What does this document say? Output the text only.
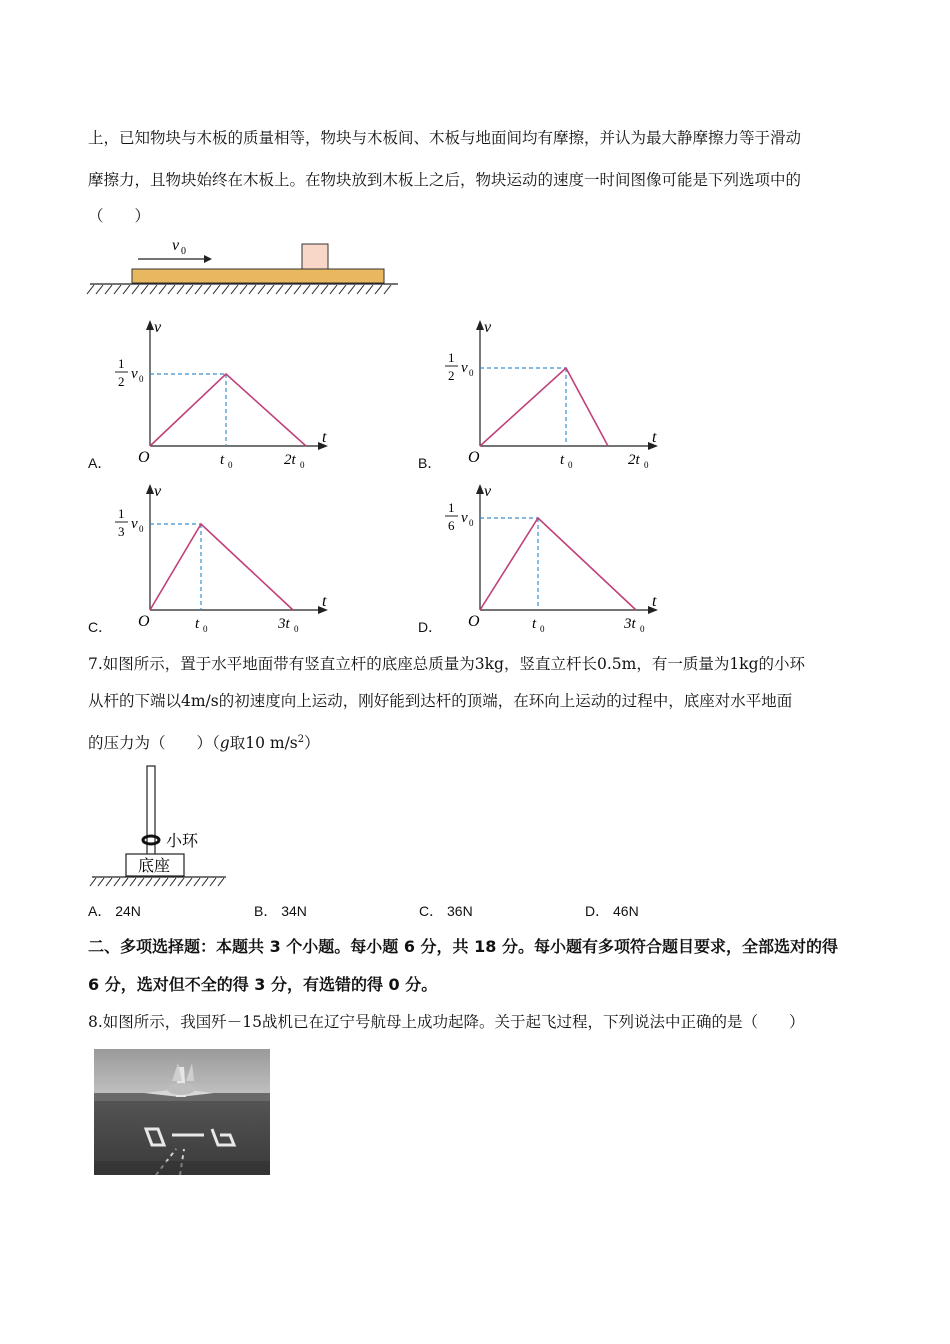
上，已知物块与木板的质量相等，物块与木板间、木板与地面间均有摩擦，并认为最大静摩擦力等于滑动
摩擦力，且物块始终在木板上。在物块放到木板上之后，物块运动的速度一时间图像可能是下列选项中的
（　　）
v 0
v
t
O
1
2 v 0
t 0	2t 0
A．
v
t
O
1
2 v 0
t 0	2t 0
B．
v
t
O
1
3 v 0
t 0	3t 0
C．
v
t
O
1
6 v 0
t 0	3t 0
D．
7.如图所示，置于水平地面带有竖直立杆的底座总质量为3kg，竖直立杆长0.5m，有一质量为1kg的小环
从杆的下端以4m/s的初速度向上运动，刚好能到达杆的顶端，在环向上运动的过程中，底座对水平地面
的压力为（　　）（g取10 $m/s^2$）
小环
底座
A． 24N	B． 34N	C． 36N	D． 46N
二、多项选择题：本题共 3 个小题。每小题 6 分，共 18 分。每小题有多项符合题目要求，全部选对的得
6 分，选对但不全的得 3 分，有选错的得 0 分。
8.如图所示，我国歼－15战机已在辽宁号航母上成功起降。关于起飞过程，下列说法中正确的是（　　）
